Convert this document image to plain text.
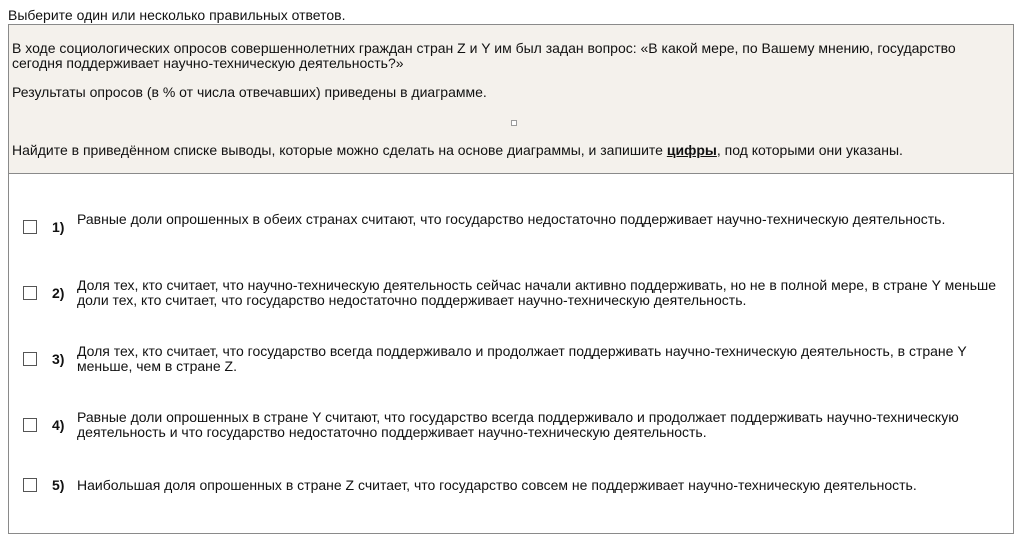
Выберите один или несколько правильных ответов.
В ходе социологических опросов совершеннолетних граждан стран Z и Y им был задан вопрос: «В какой мере, по Вашему мнению, государство сегодня поддерживает научно-техническую деятельность?»
Результаты опросов (в % от числа отвечавших) приведены в диаграмме.
Найдите в приведённом списке выводы, которые можно сделать на основе диаграммы, и запишите цифры, под которыми они указаны.
1) Равные доли опрошенных в обеих странах считают, что государство недостаточно поддерживает научно-техническую деятельность.
2) Доля тех, кто считает, что научно-техническую деятельность сейчас начали активно поддерживать, но не в полной мере, в стране Y меньше доли тех, кто считает, что государство недостаточно поддерживает научно-техническую деятельность.
3) Доля тех, кто считает, что государство всегда поддерживало и продолжает поддерживать научно-техническую деятельность, в стране Y меньше, чем в стране Z.
4) Равные доли опрошенных в стране Y считают, что государство всегда поддерживало и продолжает поддерживать научно-техническую деятельность и что государство недостаточно поддерживает научно-техническую деятельность.
5) Наибольшая доля опрошенных в стране Z считает, что государство совсем не поддерживает научно-техническую деятельность.
